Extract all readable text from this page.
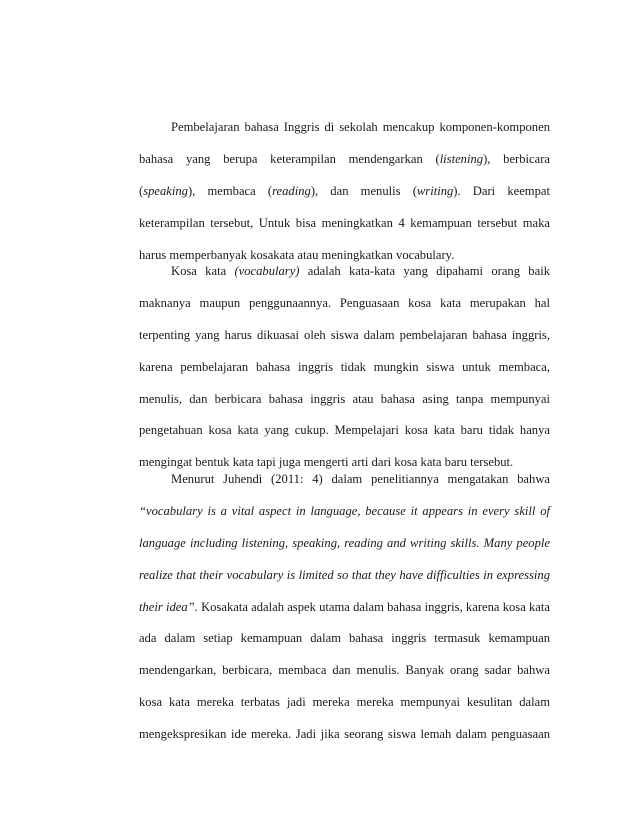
Pembelajaran bahasa Inggris di sekolah mencakup komponen-komponen
bahasa yang berupa keterampilan mendengarkan (listening), berbicara
(speaking), membaca (reading), dan menulis (writing). Dari keempat
keterampilan tersebut, Untuk bisa meningkatkan 4 kemampuan tersebut maka
harus memperbanyak kosakata atau meningkatkan vocabulary.
Kosa kata (vocabulary) adalah kata-kata yang dipahami orang baik
maknanya maupun penggunaannya. Penguasaan kosa kata merupakan hal
terpenting yang harus dikuasai oleh siswa dalam pembelajaran bahasa inggris,
karena pembelajaran bahasa inggris tidak mungkin siswa untuk membaca,
menulis, dan berbicara bahasa inggris atau bahasa asing tanpa mempunyai
pengetahuan kosa kata yang cukup. Mempelajari kosa kata baru tidak hanya
mengingat bentuk kata tapi juga mengerti arti dari kosa kata baru tersebut.
Menurut Juhendi (2011: 4) dalam penelitiannya mengatakan bahwa
“vocabulary is a vital aspect in language, because it appears in every skill of
language including listening, speaking, reading and writing skills. Many people
realize that their vocabulary is limited so that they have difficulties in expressing
their idea”. Kosakata adalah aspek utama dalam bahasa inggris, karena kosa kata
ada dalam setiap kemampuan dalam bahasa inggris termasuk kemampuan
mendengarkan, berbicara, membaca dan menulis. Banyak orang sadar bahwa
kosa kata mereka terbatas jadi mereka mereka mempunyai kesulitan dalam
mengekspresikan ide mereka. Jadi jika seorang siswa lemah dalam penguasaan
